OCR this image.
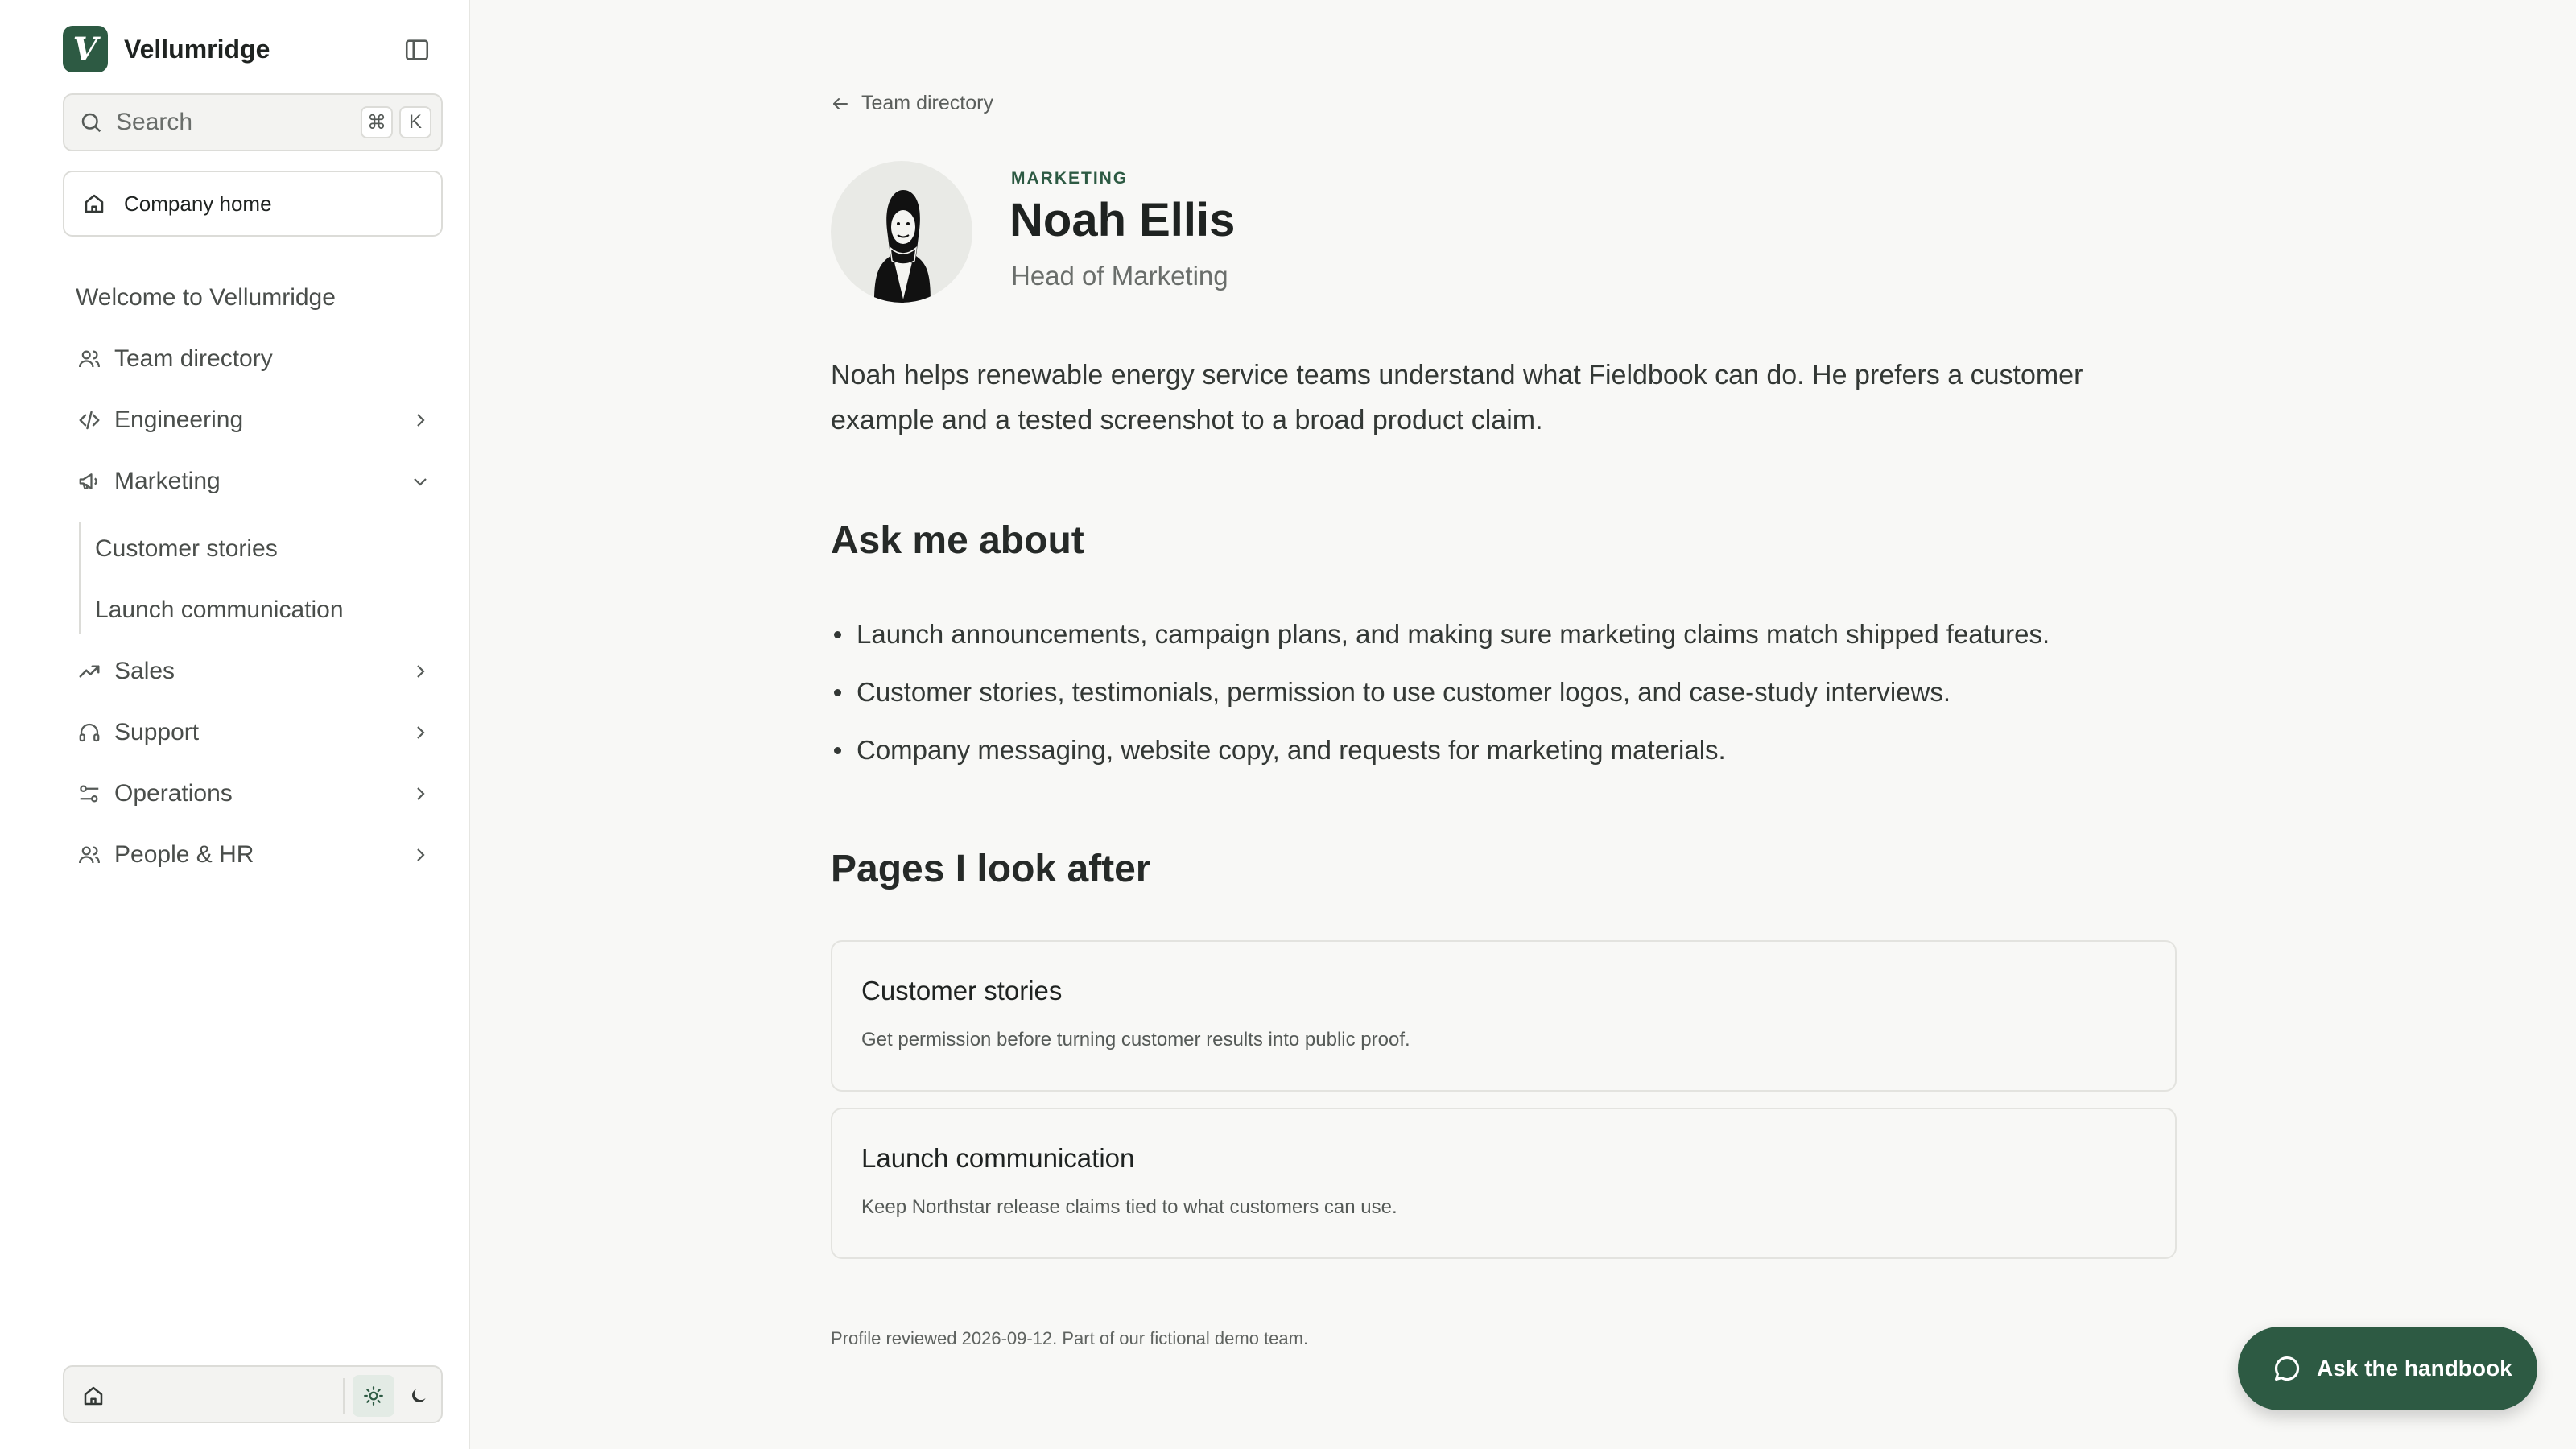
V	Vellumridge
Search	⌘	K
Company home
Welcome to Vellumridge
Team directory
Engineering
Marketing
Customer stories
Launch communication
Sales
Support
Operations
People & HR
Team directory
MARKETING
Noah Ellis
Head of Marketing

Noah helps renewable energy service teams understand what Fieldbook can do. He prefers a customer example and a tested screenshot to a broad product claim.

Ask me about
Launch announcements, campaign plans, and making sure marketing claims match shipped features.
Customer stories, testimonials, permission to use customer logos, and case-study interviews.
Company messaging, website copy, and requests for marketing materials.
Pages I look after
Customer stories
Get permission before turning customer results into public proof.
Launch communication
Keep Northstar release claims tied to what customers can use.
Profile reviewed 2026-09-12. Part of our fictional demo team.
Ask the handbook
